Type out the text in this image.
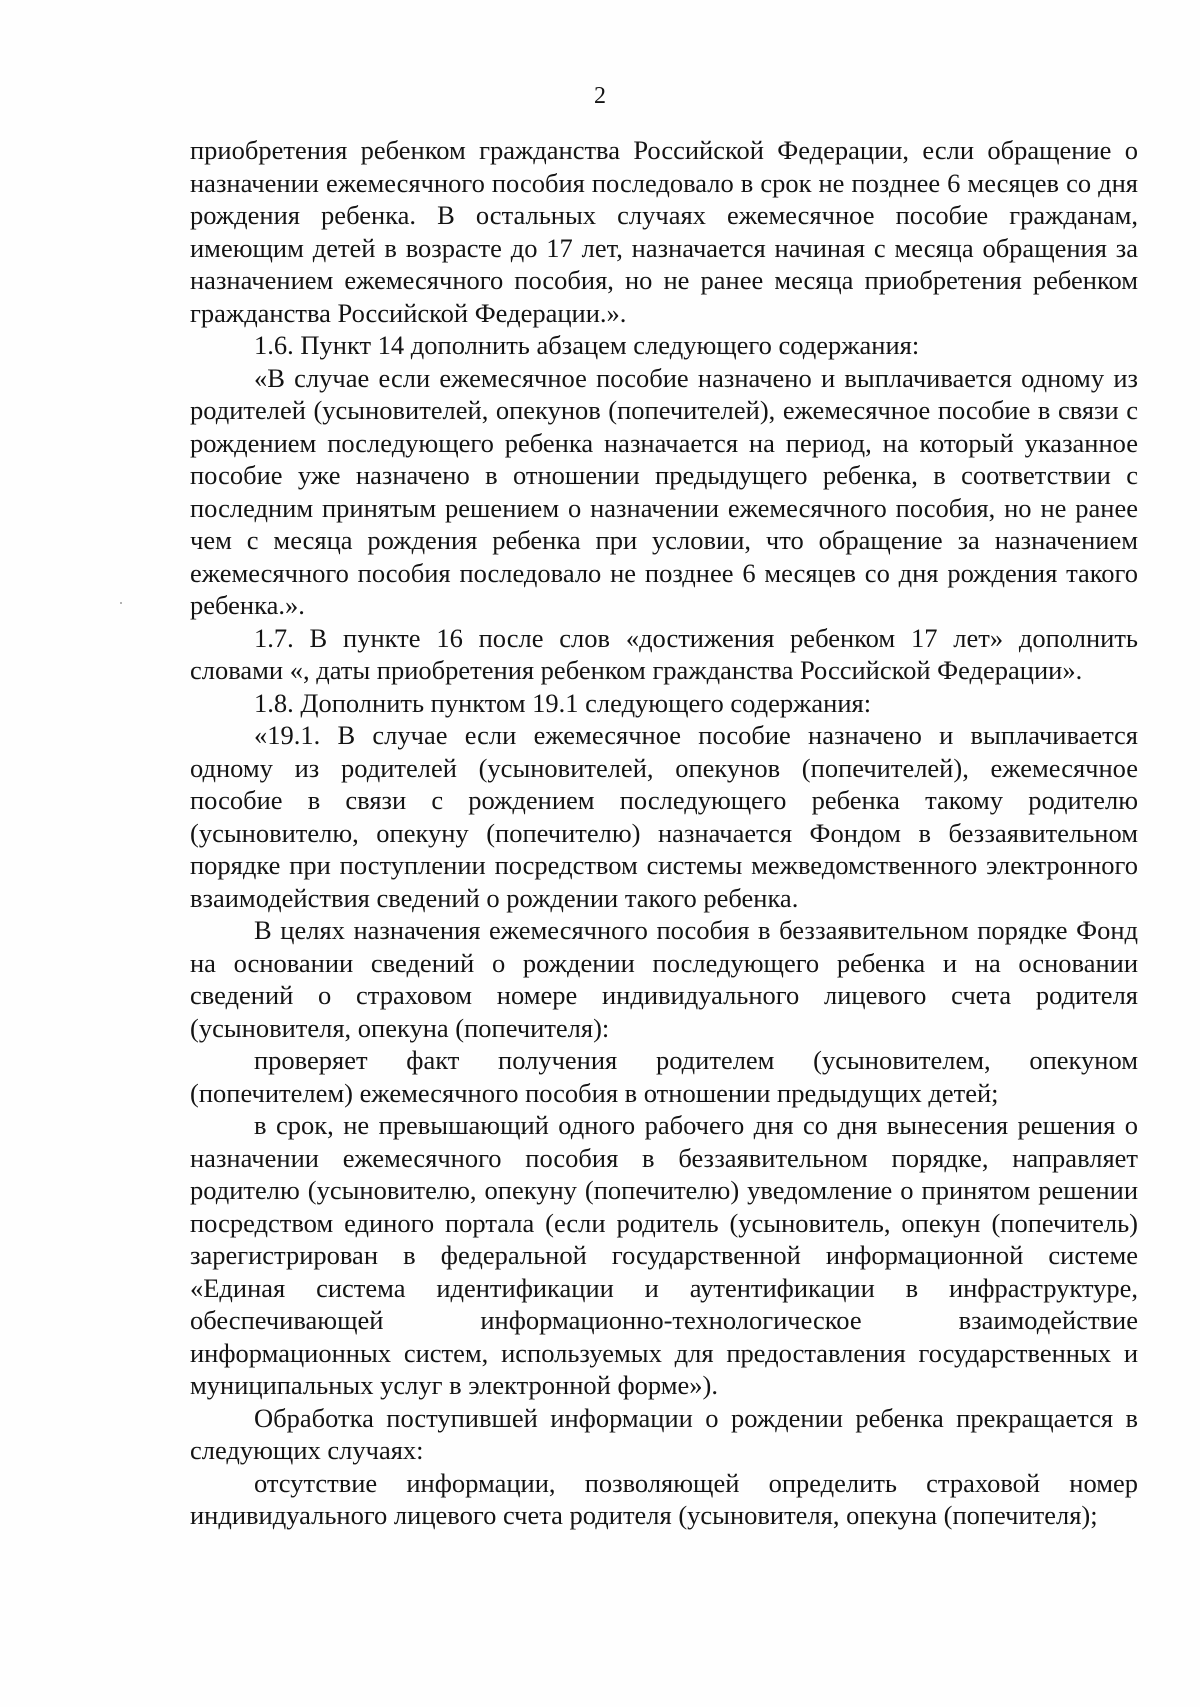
2

приобретения ребенком гражданства Российской Федерации, если обращение о назначении ежемесячного пособия последовало в срок не позднее 6 месяцев со дня рождения ребенка. В остальных случаях ежемесячное пособие гражданам, имеющим детей в возрасте до 17 лет, назначается начиная с месяца обращения за назначением ежемесячного пособия, но не ранее месяца приобретения ребенком гражданства Российской Федерации.».

1.6. Пункт 14 дополнить абзацем следующего содержания:

«В случае если ежемесячное пособие назначено и выплачивается одному из родителей (усыновителей, опекунов (попечителей), ежемесячное пособие в связи с рождением последующего ребенка назначается на период, на который указанное пособие уже назначено в отношении предыдущего ребенка, в соответствии с последним принятым решением о назначении ежемесячного пособия, но не ранее чем с месяца рождения ребенка при условии, что обращение за назначением ежемесячного пособия последовало не позднее 6 месяцев со дня рождения такого ребенка.».

1.7. В пункте 16 после слов «достижения ребенком 17 лет» дополнить словами «, даты приобретения ребенком гражданства Российской Федерации».

1.8. Дополнить пунктом 19.1 следующего содержания:

«19.1. В случае если ежемесячное пособие назначено и выплачивается одному из родителей (усыновителей, опекунов (попечителей), ежемесячное пособие в связи с рождением последующего ребенка такому родителю (усыновителю, опекуну (попечителю) назначается Фондом в беззаявительном порядке при поступлении посредством системы межведомственного электронного взаимодействия сведений о рождении такого ребенка.

В целях назначения ежемесячного пособия в беззаявительном порядке Фонд на основании сведений о рождении последующего ребенка и на основании сведений о страховом номере индивидуального лицевого счета родителя (усыновителя, опекуна (попечителя):

проверяет факт получения родителем (усыновителем, опекуном (попечителем) ежемесячного пособия в отношении предыдущих детей;

в срок, не превышающий одного рабочего дня со дня вынесения решения о назначении ежемесячного пособия в беззаявительном порядке, направляет родителю (усыновителю, опекуну (попечителю) уведомление о принятом решении посредством единого портала (если родитель (усыновитель, опекун (попечитель) зарегистрирован в федеральной государственной информационной системе «Единая система идентификации и аутентификации в инфраструктуре, обеспечивающей информационно-технологическое взаимодействие информационных систем, используемых для предоставления государственных и муниципальных услуг в электронной форме»).

Обработка поступившей информации о рождении ребенка прекращается в следующих случаях:

отсутствие информации, позволяющей определить страховой номер индивидуального лицевого счета родителя (усыновителя, опекуна (попечителя);
